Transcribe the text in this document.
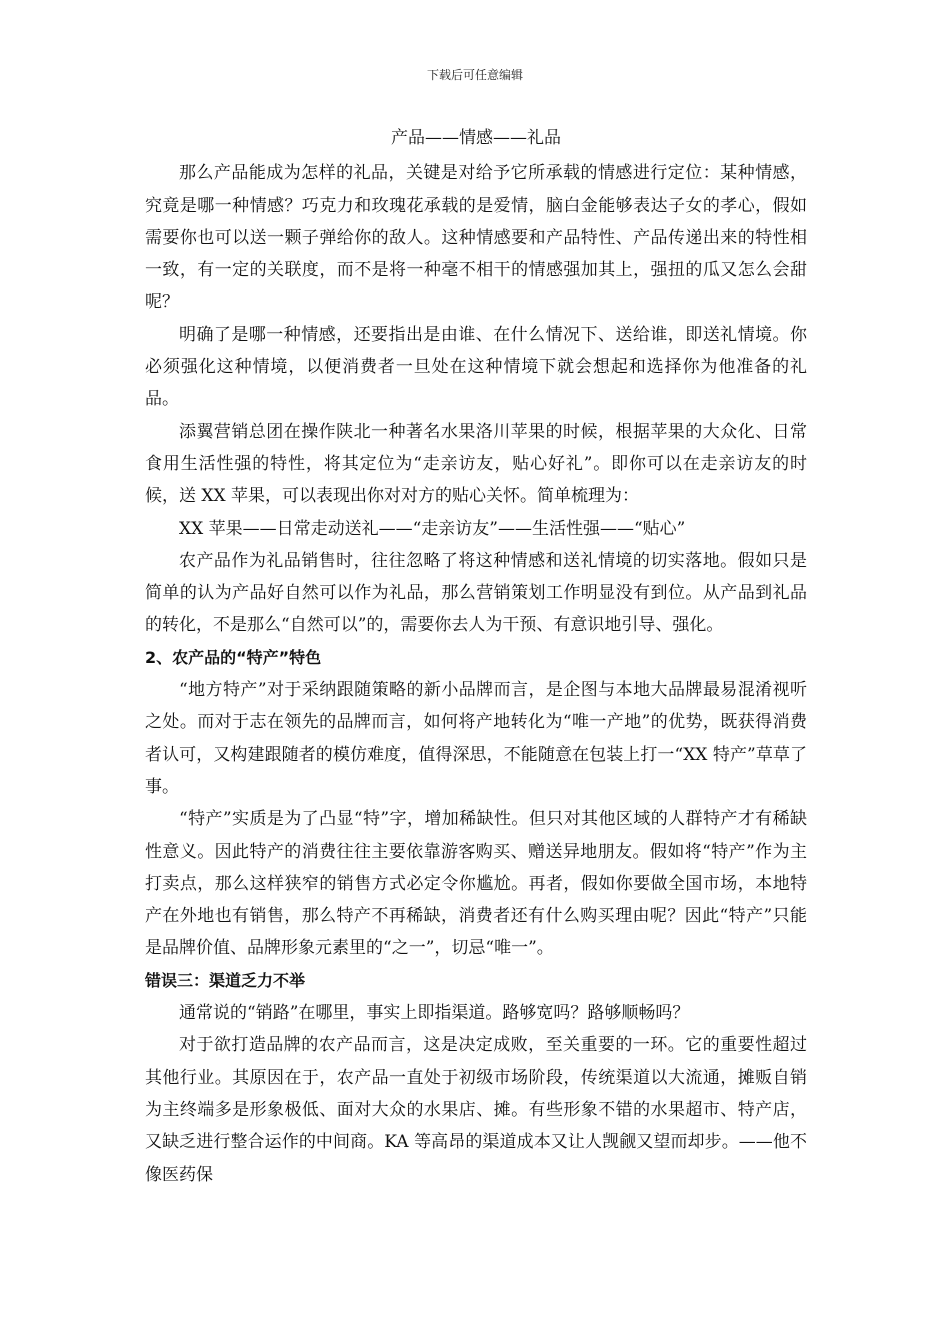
下载后可任意编辑

产品——情感——礼品

那么产品能成为怎样的礼品，关键是对给予它所承载的情感进行定位：某种情感，究竟是哪一种情感？巧克力和玫瑰花承载的是爱情，脑白金能够表达子女的孝心，假如需要你也可以送一颗子弹给你的敌人。这种情感要和产品特性、产品传递出来的特性相一致，有一定的关联度，而不是将一种毫不相干的情感强加其上，强扭的瓜又怎么会甜呢？

明确了是哪一种情感，还要指出是由谁、在什么情况下、送给谁，即送礼情境。你必须强化这种情境，以便消费者一旦处在这种情境下就会想起和选择你为他准备的礼品。

添翼营销总团在操作陕北一种著名水果洛川苹果的时候，根据苹果的大众化、日常食用生活性强的特性，将其定位为“走亲访友，贴心好礼”。即你可以在走亲访友的时候，送 XX 苹果，可以表现出你对对方的贴心关怀。简单梳理为：

XX 苹果——日常走动送礼——“走亲访友”——生活性强——“贴心”

农产品作为礼品销售时，往往忽略了将这种情感和送礼情境的切实落地。假如只是简单的认为产品好自然可以作为礼品，那么营销策划工作明显没有到位。从产品到礼品的转化，不是那么“自然可以”的，需要你去人为干预、有意识地引导、强化。

2、农产品的“特产”特色

“地方特产”对于采纳跟随策略的新小品牌而言，是企图与本地大品牌最易混淆视听之处。而对于志在领先的品牌而言，如何将产地转化为“唯一产地”的优势，既获得消费者认可，又构建跟随者的模仿难度，值得深思，不能随意在包装上打一“XX 特产”草草了事。

“特产”实质是为了凸显“特”字，增加稀缺性。但只对其他区域的人群特产才有稀缺性意义。因此特产的消费往往主要依靠游客购买、赠送异地朋友。假如将“特产”作为主打卖点，那么这样狭窄的销售方式必定令你尴尬。再者，假如你要做全国市场，本地特产在外地也有销售，那么特产不再稀缺，消费者还有什么购买理由呢？因此“特产”只能是品牌价值、品牌形象元素里的“之一”，切忌“唯一”。

错误三：渠道乏力不举

通常说的“销路”在哪里，事实上即指渠道。路够宽吗？路够顺畅吗？

对于欲打造品牌的农产品而言，这是决定成败，至关重要的一环。它的重要性超过其他行业。其原因在于，农产品一直处于初级市场阶段，传统渠道以大流通，摊贩自销为主终端多是形象极低、面对大众的水果店、摊。有些形象不错的水果超市、特产店，又缺乏进行整合运作的中间商。KA 等高昂的渠道成本又让人觊觎又望而却步。——他不像医药保
